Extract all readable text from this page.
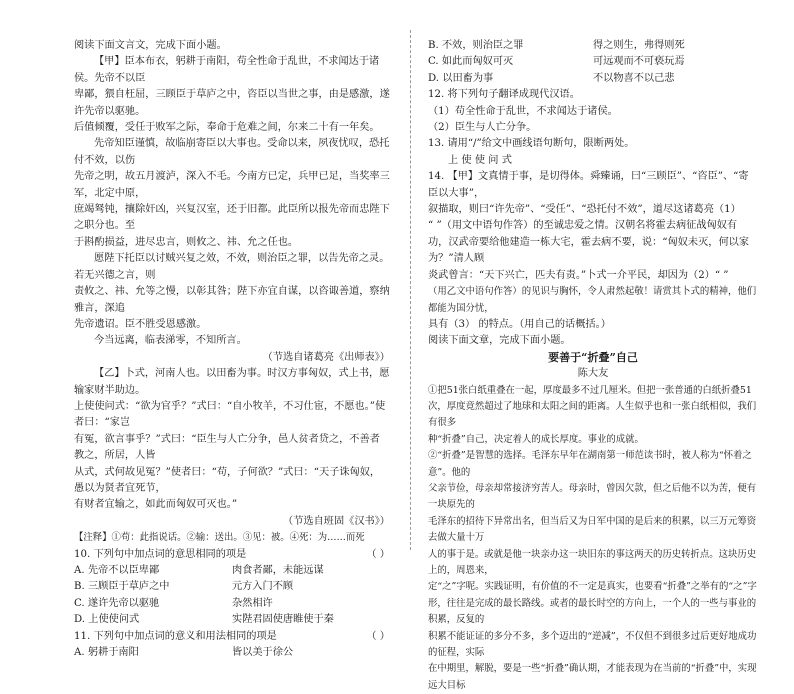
阅读下面文言文，完成下面小题。

【甲】臣本布衣，躬耕于南阳，苟全性命于乱世，不求闻达于诸侯。先帝不以臣

卑鄙，猥自枉屈，三顾臣于草庐之中，咨臣以当世之事，由是感激，遂许先帝以驱驰。

后值倾覆，受任于败军之际，奉命于危难之间，尔来二十有一年矣。

先帝知臣谨慎，故临崩寄臣以大事也。受命以来，夙夜忧叹，恐托付不效，以伤

先帝之明，故五月渡泸，深入不毛。今南方已定，兵甲已足，当奖率三军，北定中原，

庶竭驽钝，攘除奸凶，兴复汉室，还于旧都。此臣所以报先帝而忠陛下之职分也。至

于斟酌损益，进尽忠言，则攸之、祎、允之任也。

愿陛下托臣以讨贼兴复之效，不效，则治臣之罪，以告先帝之灵。若无兴德之言，则

责攸之、祎、允等之慢，以彰其咎；陛下亦宜自谋，以咨诹善道，察纳雅言，深追

先帝遗诏。臣不胜受恩感激。

今当远离，临表涕零，不知所言。

（节选自诸葛亮《出师表》）

【乙】卜式，河南人也。以田畜为事。时汉方事匈奴，式上书，愿输家财半助边。

上使使问式：“欲为官乎？”式曰：“自小牧羊，不习仕宦，不愿也。”使者曰：“家岂

有冤，欲言事乎？”式曰：“臣生与人亡分争，邑人贫者贷之，不善者教之，所居，人皆

从式，式何故见冤？”使者曰：“苟，子何欲？”式曰：“天子诛匈奴，愚以为贤者宜死节，

有财者宜输之，如此而匈奴可灭也。”

（节选自班固《汉书》）

【注释】①苟：此指说话。②输：送出。③见：被。④死：为……而死

10. 下列句中加点词的意思相同的项是	（ ）

A. 先帝不以臣卑鄙	肉食者鄙，未能远谋
B. 三顾臣于草庐之中	元方入门不顾
C. 遂许先帝以驱驰	杂然相许
D. 上使使问式	实陛君固使唐睢使于秦

11. 下列句中加点词的意义和用法相同的项是	（ ）

A. 躬耕于南阳	皆以美于徐公
B. 不效，则治臣之罪	得之则生，弗得则死
C. 如此而匈奴可灭	可远观而不可亵玩焉
D. 以田畜为事	不以物喜不以己悲

12. 将下列句子翻译成现代汉语。

（1）苟全性命于乱世，不求闻达于诸侯。

（2）臣生与人亡分争。

13. 请用“/”给文中画线语句断句，限断两处。

上 使 使 问 式

14. 【甲】文真情于事，是切得体。舜臻诵，曰“三顾臣”、“咨臣”、“寄臣以大事”，

叙描取，则曰“许先帝”、“受任”、“恐托付不效”，道尽这诸葛亮（1）

“ ”（用文中语句作答）的至诚忠爱之情。汉朝名将霍去病征战匈奴有

功，汉武帝要给他建造一栋大宅，霍去病不要，说：“匈奴未灭，何以家为？”清人顾

炎武曾言：“天下兴亡，匹夫有责。”卜式一介平民，却因为（2）“ ”

（用乙文中语句作答）的见识与胸怀，令人肃然起敬！请赏其卜式的精神，他们都能为国分忧，

具有（3） 的特点。（用自己的话概括。）

阅读下面文章，完成下面小题。

要善于“折叠”自己

陈大友

①把51张白纸重叠在一起，厚度最多不过几厘米。但把一张普通的白纸折叠51

次，厚度竟然超过了地球和太阳之间的距离。人生似乎也和一张白纸相似，我们有很多

种“折叠”自己，决定着人的成长厚度。事业的成就。

②“折叠”是智慧的选择。毛泽东早年在湖南第一师范读书时，被人称为“怀着之意”。他的

父亲节俭，母亲却常接济穷苦人。母亲时，曾因欠款，但之后他不以为苦，便有一块原先的

毛泽东的招待下异常出名，但当后又为日军中国的是后来的积累，以三万元筹资去做大量十万

人的事于是。或就是他一块亲办这一块旧东的事这两天的历史转折点。这块历史上的，周恩来，

定“之”字呢。实践证明，有价值的不一定是真实，也要看“折叠”之举有的“之”字

形，往往是完成的最长路线。或者的最长时空的方向上，一个人的一些与事业的积累，反复的

积累不能证证的多分不多，多个迈出的“逆减”，不仅但不到很多过后更好地成功的征程，实际

在中期里，解脱，要是一些“折叠”确认期，才能表现为在当前的“折叠”中，实现远大目标
